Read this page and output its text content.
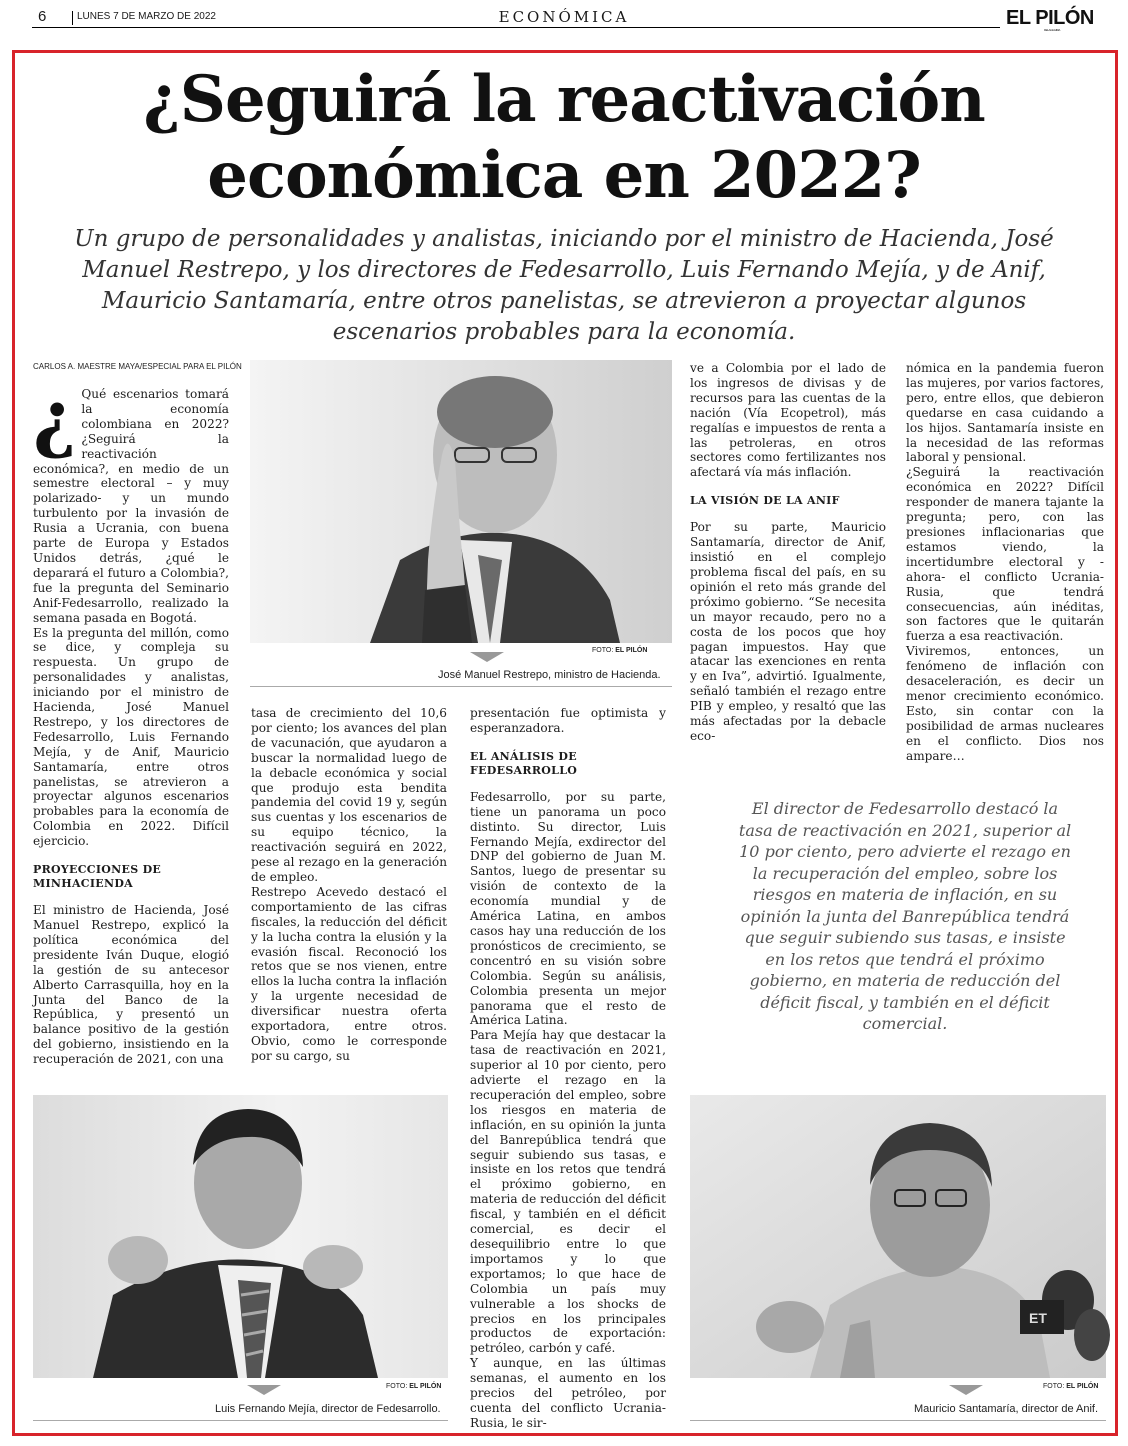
6	LUNES 7 DE MARZO DE 2022	ECONÓMICA	EL PILÓN
DE LA GUAJIRA
¿Seguirá la reactivación
económica en 2022?
Un grupo de personalidades y analistas, iniciando por el ministro de Hacienda, José Manuel Restrepo, y los directores de Fedesarrollo, Luis Fernando Mejía, y de Anif, Mauricio Santamaría, entre otros panelistas, se atrevieron a proyectar algunos escenarios probables para la economía.
CARLOS A. MAESTRE MAYA/ESPECIAL PARA EL PILÓN
FOTO: EL PILÓN
José Manuel Restrepo, ministro de Hacienda.

¿ Qué escenarios tomará la economía colombiana en 2022? ¿Seguirá la reactivación económica?, en medio de un semestre electoral – y muy polarizado- y un mundo turbulento por la invasión de Rusia a Ucrania, con buena parte de Europa y Estados Unidos detrás, ¿qué le deparará el futuro a Colombia?, fue la pregunta del Seminario Anif-Fedesarrollo, realizado la semana pasada en Bogotá.

Es la pregunta del millón, como se dice, y compleja su respuesta. Un grupo de personalidades y analistas, iniciando por el ministro de Hacienda, José Manuel Restrepo, y los directores de Fedesarrollo, Luis Fernando Mejía, y de Anif, Mauricio Santamaría, entre otros panelistas, se atrevieron a proyectar algunos escenarios probables para la economía de Colombia en 2022. Difícil ejercicio.

PROYECCIONES DE MINHACIENDA

El ministro de Hacienda, José Manuel Restrepo, explicó la política económica del presidente Iván Duque, elogió la gestión de su antecesor Alberto Carrasquilla, hoy en la Junta del Banco de la República, y presentó un balance positivo de la gestión del gobierno, insistiendo en la recuperación de 2021, con una

tasa de crecimiento del 10,6 por ciento; los avances del plan de vacunación, que ayudaron a buscar la normalidad luego de la debacle económica y social que produjo esta bendita pandemia del covid 19 y, según sus cuentas y los escenarios de su equipo técnico, la reactivación seguirá en 2022, pese al rezago en la generación de empleo.

Restrepo Acevedo destacó el comportamiento de las cifras fiscales, la reducción del déficit y la lucha contra la elusión y la evasión fiscal. Reconoció los retos que se nos vienen, entre ellos la lucha contra la inflación y la urgente necesidad de diversificar nuestra oferta exportadora, entre otros. Obvio, como le corresponde por su cargo, su

presentación fue optimista y esperanzadora.

EL ANÁLISIS DE FEDESARROLLO

Fedesarrollo, por su parte, tiene un panorama un poco distinto. Su director, Luis Fernando Mejía, exdirector del DNP del gobierno de Juan M. Santos, luego de presentar su visión de contexto de la economía mundial y de América Latina, en ambos casos hay una reducción de los pronósticos de crecimiento, se concentró en su visión sobre Colombia. Según su análisis, Colombia presenta un mejor panorama que el resto de América Latina.

Para Mejía hay que destacar la tasa de reactivación en 2021, superior al 10 por ciento, pero advierte el rezago en la recuperación del empleo, sobre los riesgos en materia de inflación, en su opinión la junta del Banrepública tendrá que seguir subiendo sus tasas, e insiste en los retos que tendrá el próximo gobierno, en materia de reducción del déficit fiscal, y también en el déficit comercial, es decir el desequilibrio entre lo que importamos y lo que exportamos; lo que hace de Colombia un país muy vulnerable a los shocks de precios en los principales productos de exportación: petróleo, carbón y café.

Y aunque, en las últimas semanas, el aumento en los precios del petróleo, por cuenta del conflicto Ucrania-Rusia, le sir-

ve a Colombia por el lado de los ingresos de divisas y de recursos para las cuentas de la nación (Vía Ecopetrol), más regalías e impuestos de renta a las petroleras, en otros sectores como fertilizantes nos afectará vía más inflación.

LA VISIÓN DE LA ANIF

Por su parte, Mauricio Santamaría, director de Anif, insistió en el complejo problema fiscal del país, en su opinión el reto más grande del próximo gobierno. “Se necesita un mayor recaudo, pero no a costa de los pocos que hoy pagan impuestos. Hay que atacar las exenciones en renta y en Iva”, advirtió. Igualmente, señaló también el rezago entre PIB y empleo, y resaltó que las más afectadas por la debacle eco-

nómica en la pandemia fueron las mujeres, por varios factores, pero, entre ellos, que debieron quedarse en casa cuidando a los hijos. Santamaría insiste en la necesidad de las reformas laboral y pensional.

¿Seguirá la reactivación económica en 2022? Difícil responder de manera tajante la pregunta; pero, con las presiones inflacionarias que estamos viendo, la incertidumbre electoral y -ahora- el conflicto Ucrania-Rusia, que tendrá consecuencias, aún inéditas, son factores que le quitarán fuerza a esa reactivación.

Viviremos, entonces, un fenómeno de inflación con desaceleración, es decir un menor crecimiento económico. Esto, sin contar con la posibilidad de armas nucleares en el conflicto. Dios nos ampare…

El director de Fedesarrollo destacó la tasa de reactivación en 2021, superior al 10 por ciento, pero advierte el rezago en la recuperación del empleo, sobre los riesgos en materia de inflación, en su opinión la junta del Banrepública tendrá que seguir subiendo sus tasas, e insiste en los retos que tendrá el próximo gobierno, en materia de reducción del déficit fiscal, y también en el déficit comercial.
FOTO: EL PILÓN
Luis Fernando Mejía, director de Fedesarrollo.
ET
FOTO: EL PILÓN
Mauricio Santamaría, director de Anif.
